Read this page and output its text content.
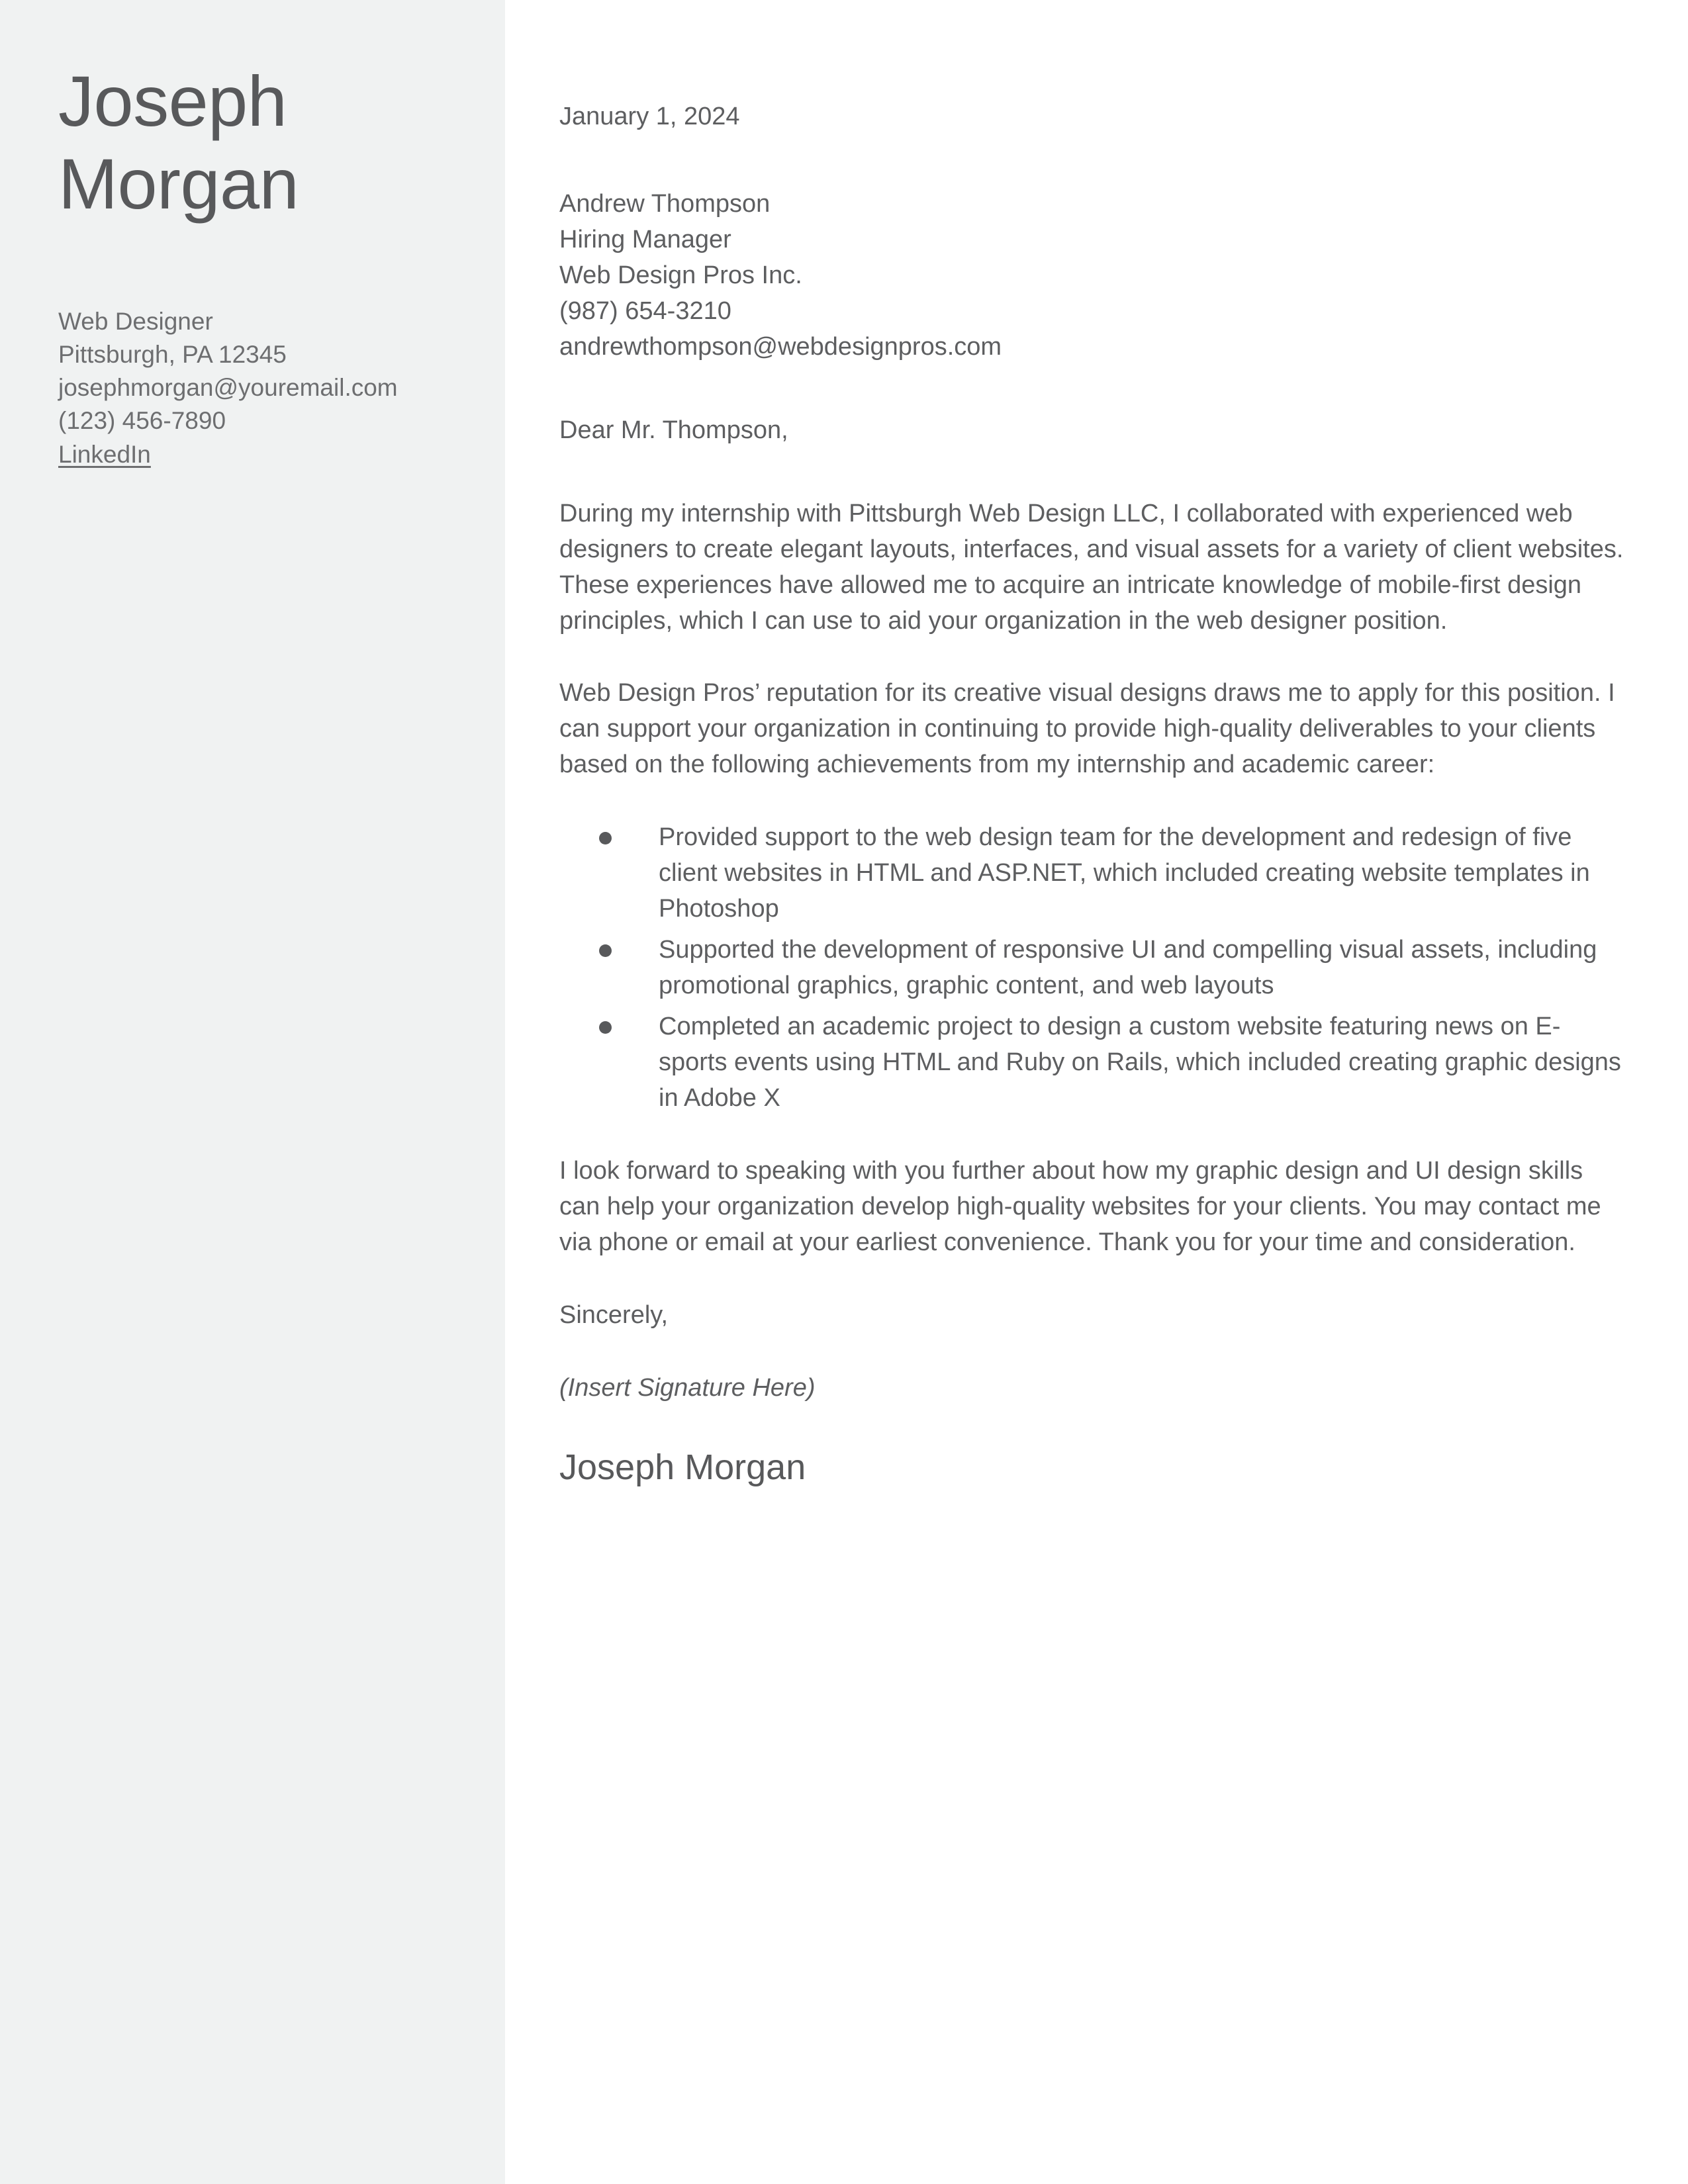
Joseph
Morgan
Web Designer
Pittsburgh, PA 12345
josephmorgan@youremail.com
(123) 456-7890
LinkedIn
January 1, 2024
Andrew Thompson
Hiring Manager
Web Design Pros Inc.
(987) 654-3210
andrewthompson@webdesignpros.com
Dear Mr. Thompson,

During my internship with Pittsburgh Web Design LLC, I collaborated with experienced web designers to create elegant layouts, interfaces, and visual assets for a variety of client websites. These experiences have allowed me to acquire an intricate knowledge of mobile-first design principles, which I can use to aid your organization in the web designer position.

Web Design Pros’ reputation for its creative visual designs draws me to apply for this position. I can support your organization in continuing to provide high-quality deliverables to your clients based on the following achievements from my internship and academic career:

Provided support to the web design team for the development and redesign of five client websites in HTML and ASP.NET, which included creating website templates in Photoshop
Supported the development of responsive UI and compelling visual assets, including promotional graphics, graphic content, and web layouts
Completed an academic project to design a custom website featuring news on E-sports events using HTML and Ruby on Rails, which included creating graphic designs in Adobe X

I look forward to speaking with you further about how my graphic design and UI design skills can help your organization develop high-quality websites for your clients. You may contact me via phone or email at your earliest convenience. Thank you for your time and consideration.

Sincerely,
(Insert Signature Here)
Joseph Morgan
